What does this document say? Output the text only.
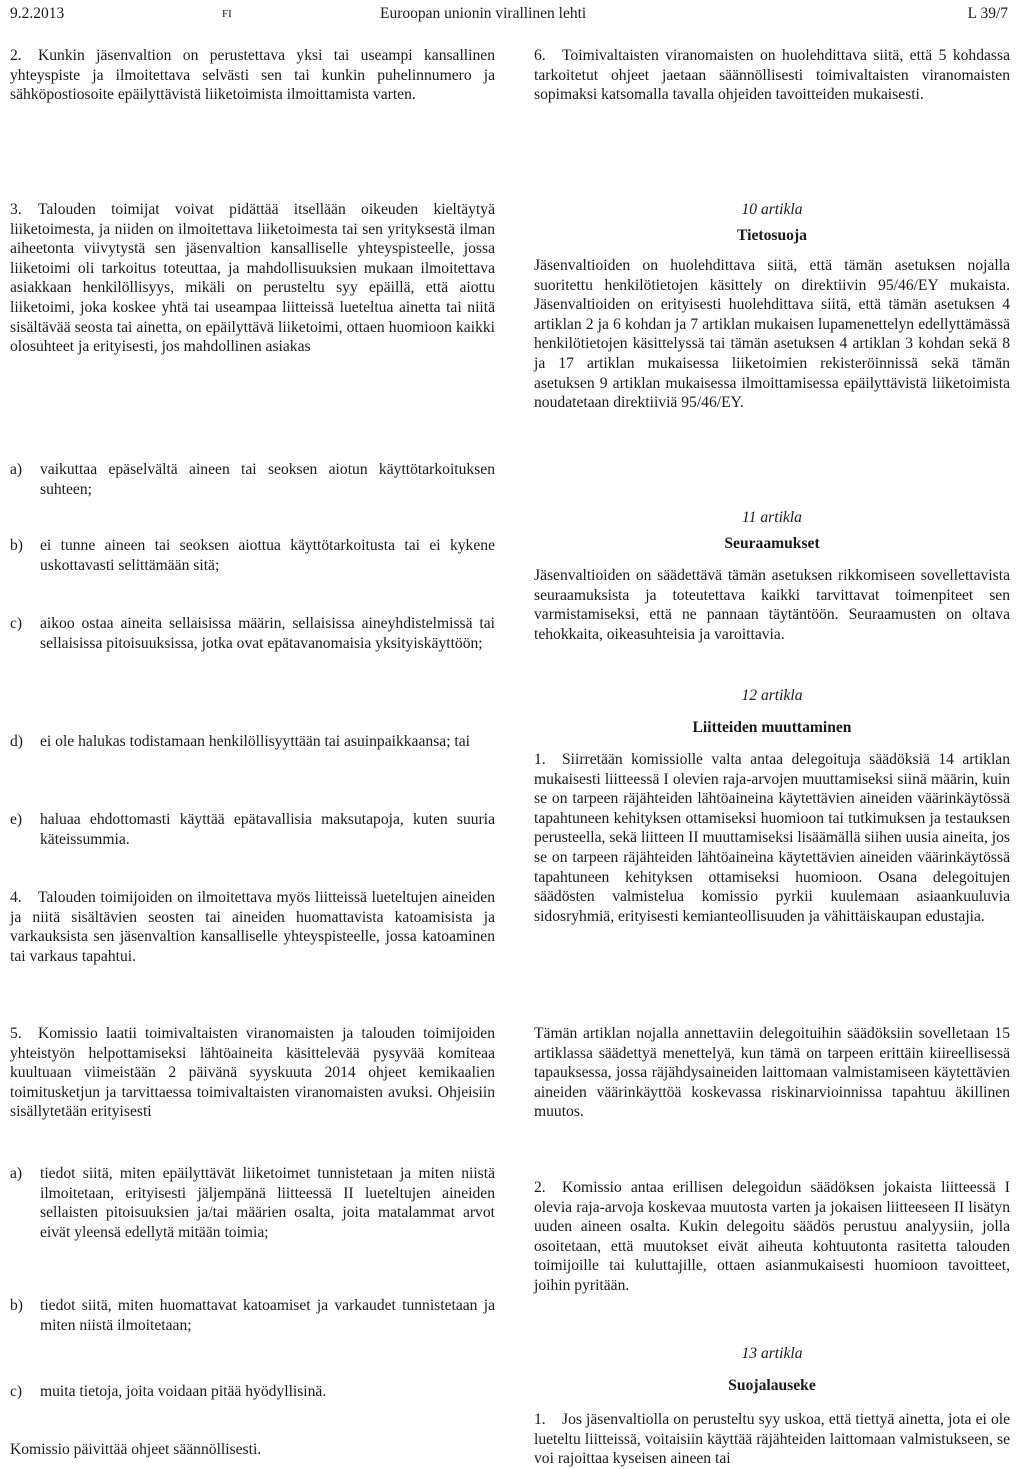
9.2.2013	FI	Euroopan unionin virallinen lehti	L 39/7

2. Kunkin jäsenvaltion on perustettava yksi tai useampi kansallinen yhteyspiste ja ilmoitettava selvästi sen tai kunkin puhelinnumero ja sähköpostiosoite epäilyttävistä liiketoimista ilmoittamista varten.

3. Talouden toimijat voivat pidättää itsellään oikeuden kieltäytyä liiketoimesta, ja niiden on ilmoitettava liiketoimesta tai sen yrityksestä ilman aiheetonta viivytystä sen jäsenvaltion kansalliselle yhteyspisteelle, jossa liiketoimi oli tarkoitus toteuttaa, ja mahdollisuuksien mukaan ilmoitettava asiakkaan henkilöllisyys, mikäli on perusteltu syy epäillä, että aiottu liiketoimi, joka koskee yhtä tai useampaa liitteissä lueteltua ainetta tai niitä sisältävää seosta tai ainetta, on epäilyttävä liiketoimi, ottaen huomioon kaikki olosuhteet ja erityisesti, jos mahdollinen asiakas

a) vaikuttaa epäselvältä aineen tai seoksen aiotun käyttötarkoituksen suhteen;

b) ei tunne aineen tai seoksen aiottua käyttötarkoitusta tai ei kykene uskottavasti selittämään sitä;

c) aikoo ostaa aineita sellaisissa määrin, sellaisissa aineyhdistelmissä tai sellaisissa pitoisuuksissa, jotka ovat epätavanomaisia yksityiskäyttöön;

d) ei ole halukas todistamaan henkilöllisyyttään tai asuinpaikkaansa; tai

e) haluaa ehdottomasti käyttää epätavallisia maksutapoja, kuten suuria käteissummia.

4. Talouden toimijoiden on ilmoitettava myös liitteissä lueteltujen aineiden ja niitä sisältävien seosten tai aineiden huomattavista katoamisista ja varkauksista sen jäsenvaltion kansalliselle yhteyspisteelle, jossa katoaminen tai varkaus tapahtui.

5. Komissio laatii toimivaltaisten viranomaisten ja talouden toimijoiden yhteistyön helpottamiseksi lähtöaineita käsittelevää pysyvää komiteaa kuultuaan viimeistään 2 päivänä syyskuuta 2014 ohjeet kemikaalien toimitusketjun ja tarvittaessa toimivaltaisten viranomaisten avuksi. Ohjeisiin sisällytetään erityisesti

a) tiedot siitä, miten epäilyttävät liiketoimet tunnistetaan ja miten niistä ilmoitetaan, erityisesti jäljempänä liitteessä II lueteltujen aineiden sellaisten pitoisuuksien ja/tai määrien osalta, joita matalammat arvot eivät yleensä edellytä mitään toimia;

b) tiedot siitä, miten huomattavat katoamiset ja varkaudet tunnistetaan ja miten niistä ilmoitetaan;

c) muita tietoja, joita voidaan pitää hyödyllisinä.

Komissio päivittää ohjeet säännöllisesti.

6. Toimivaltaisten viranomaisten on huolehdittava siitä, että 5 kohdassa tarkoitetut ohjeet jaetaan säännöllisesti toimivaltaisten viranomaisten sopimaksi katsomalla tavalla ohjeiden tavoitteiden mukaisesti.

10 artikla

Tietosuoja

Jäsenvaltioiden on huolehdittava siitä, että tämän asetuksen nojalla suoritettu henkilötietojen käsittely on direktiivin 95/46/EY mukaista. Jäsenvaltioiden on erityisesti huolehdittava siitä, että tämän asetuksen 4 artiklan 2 ja 6 kohdan ja 7 artiklan mukaisen lupamenettelyn edellyttämässä henkilötietojen käsittelyssä tai tämän asetuksen 4 artiklan 3 kohdan sekä 8 ja 17 artiklan mukaisessa liiketoimien rekisteröinnissä sekä tämän asetuksen 9 artiklan mukaisessa ilmoittamisessa epäilyttävistä liiketoimista noudatetaan direktiiviä 95/46/EY.

11 artikla

Seuraamukset

Jäsenvaltioiden on säädettävä tämän asetuksen rikkomiseen sovellettavista seuraamuksista ja toteutettava kaikki tarvittavat toimenpiteet sen varmistamiseksi, että ne pannaan täytäntöön. Seuraamusten on oltava tehokkaita, oikeasuhteisia ja varoittavia.

12 artikla

Liitteiden muuttaminen

1. Siirretään komissiolle valta antaa delegoituja säädöksiä 14 artiklan mukaisesti liitteessä I olevien raja-arvojen muuttamiseksi siinä määrin, kuin se on tarpeen räjähteiden lähtöaineina käytettävien aineiden väärinkäytössä tapahtuneen kehityksen ottamiseksi huomioon tai tutkimuksen ja testauksen perusteella, sekä liitteen II muuttamiseksi lisäämällä siihen uusia aineita, jos se on tarpeen räjähteiden lähtöaineina käytettävien aineiden väärinkäytössä tapahtuneen kehityksen ottamiseksi huomioon. Osana delegoitujen säädösten valmistelua komissio pyrkii kuulemaan asiaankuuluvia sidosryhmiä, erityisesti kemianteollisuuden ja vähittäiskaupan edustajia.

Tämän artiklan nojalla annettaviin delegoituihin säädöksiin sovelletaan 15 artiklassa säädettyä menettelyä, kun tämä on tarpeen erittäin kiireellisessä tapauksessa, jossa räjähdysaineiden laittomaan valmistamiseen käytettävien aineiden väärinkäyttöä koskevassa riskinarvioinnissa tapahtuu äkillinen muutos.

2. Komissio antaa erillisen delegoidun säädöksen jokaista liitteessä I olevia raja-arvoja koskevaa muutosta varten ja jokaisen liitteeseen II lisätyn uuden aineen osalta. Kukin delegoitu säädös perustuu analyysiin, jolla osoitetaan, että muutokset eivät aiheuta kohtuutonta rasitetta talouden toimijoille tai kuluttajille, ottaen asianmukaisesti huomioon tavoitteet, joihin pyritään.

13 artikla

Suojalauseke

1. Jos jäsenvaltiolla on perusteltu syy uskoa, että tiettyä ainetta, jota ei ole lueteltu liitteissä, voitaisiin käyttää räjähteiden laittomaan valmistukseen, se voi rajoittaa kyseisen aineen tai
